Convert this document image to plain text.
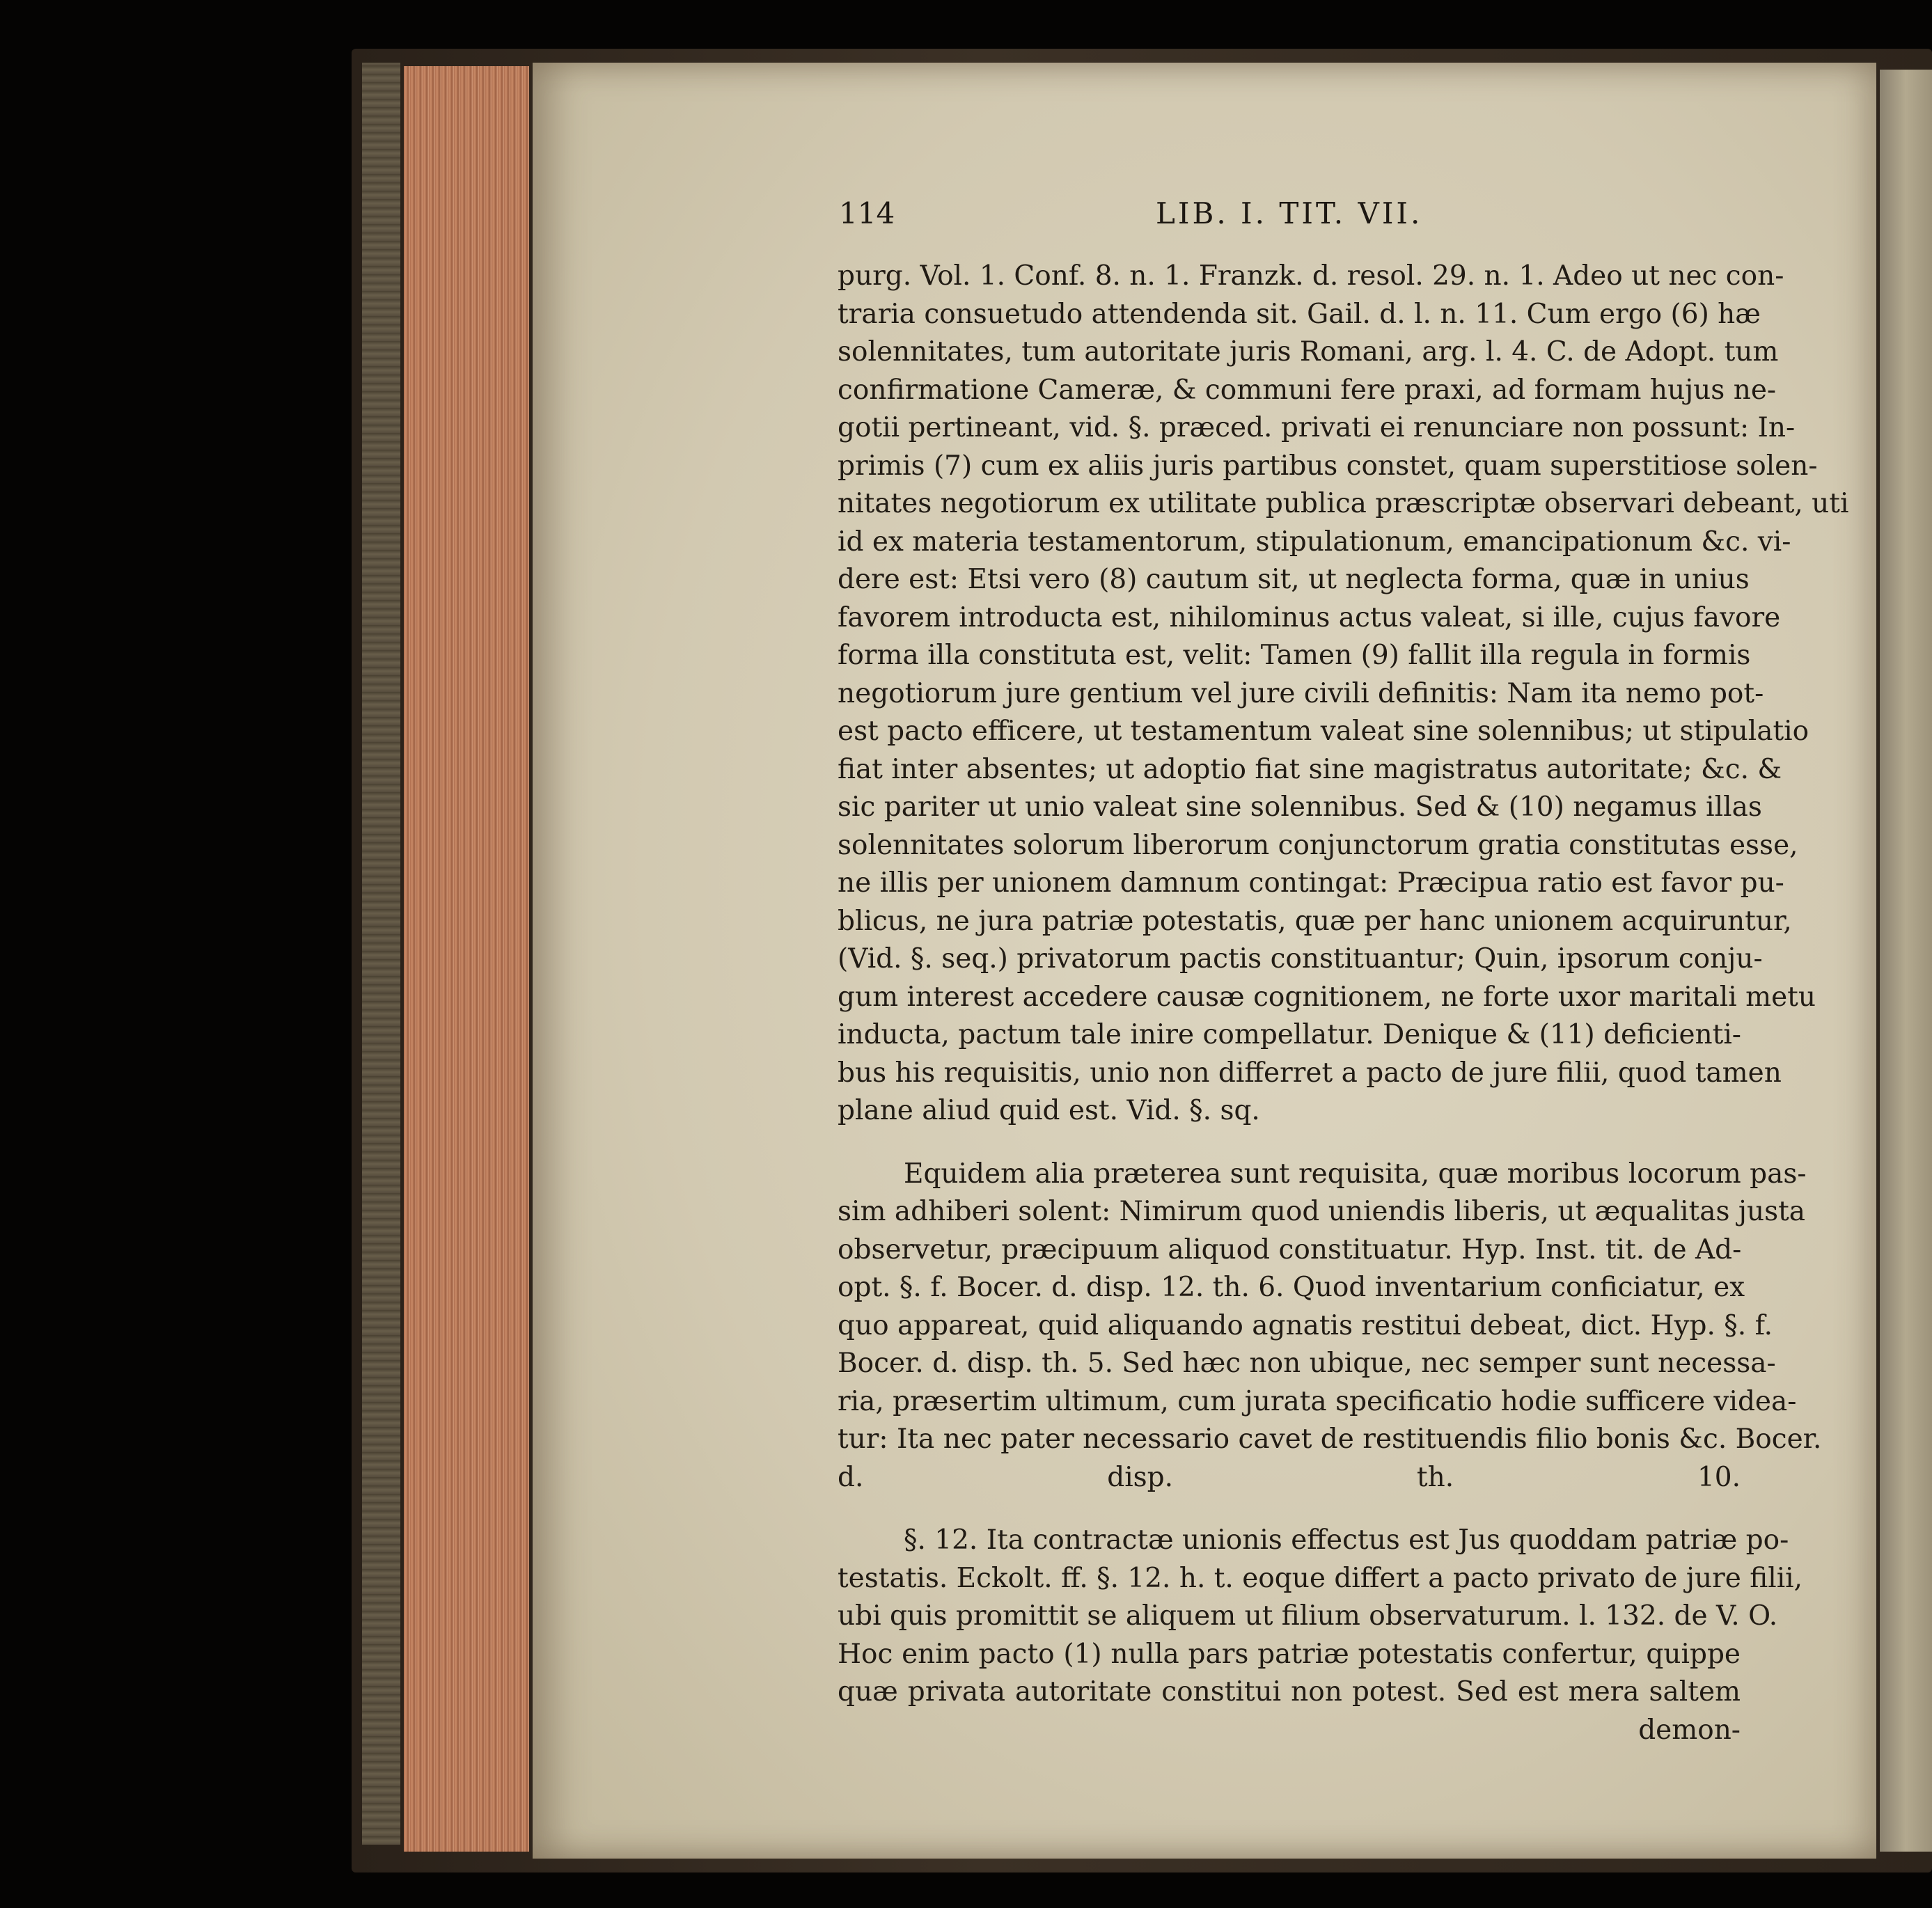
114	LIB. I. TIT. VII.
purg. Vol. 1. Conf. 8. n. 1. Franzk. d. resol. 29. n. 1. Adeo ut nec con-
traria consuetudo attendenda sit. Gail. d. l. n. 11. Cum ergo (6) hæ
solennitates, tum autoritate juris Romani, arg. l. 4. C. de Adopt. tum
confirmatione Cameræ, & communi fere praxi, ad formam hujus ne-
gotii pertineant, vid. §. præced. privati ei renunciare non possunt: In-
primis (7) cum ex aliis juris partibus constet, quam superstitiose solen-
nitates negotiorum ex utilitate publica præscriptæ observari debeant, uti
id ex materia testamentorum, stipulationum, emancipationum &c. vi-
dere est: Etsi vero (8) cautum sit, ut neglecta forma, quæ in unius
favorem introducta est, nihilominus actus valeat, si ille, cujus favore
forma illa constituta est, velit: Tamen (9) fallit illa regula in formis
negotiorum jure gentium vel jure civili definitis: Nam ita nemo pot-
est pacto efficere, ut testamentum valeat sine solennibus; ut stipulatio
fiat inter absentes; ut adoptio fiat sine magistratus autoritate; &c. &
sic pariter ut unio valeat sine solennibus. Sed & (10) negamus illas
solennitates solorum liberorum conjunctorum gratia constitutas esse,
ne illis per unionem damnum contingat: Præcipua ratio est favor pu-
blicus, ne jura patriæ potestatis, quæ per hanc unionem acquiruntur,
(Vid. §. seq.) privatorum pactis constituantur; Quin, ipsorum conju-
gum interest accedere causæ cognitionem, ne forte uxor maritali metu
inducta, pactum tale inire compellatur. Denique & (11) deficienti-
bus his requisitis, unio non differret a pacto de jure filii, quod tamen
plane aliud quid est. Vid. §. sq.
Equidem alia præterea sunt requisita, quæ moribus locorum pas-
sim adhiberi solent: Nimirum quod uniendis liberis, ut æqualitas justa
observetur, præcipuum aliquod constituatur. Hyp. Inst. tit. de Ad-
opt. §. f. Bocer. d. disp. 12. th. 6. Quod inventarium conficiatur, ex
quo appareat, quid aliquando agnatis restitui debeat, dict. Hyp. §. f.
Bocer. d. disp. th. 5. Sed hæc non ubique, nec semper sunt necessa-
ria, præsertim ultimum, cum jurata specificatio hodie sufficere videa-
tur: Ita nec pater necessario cavet de restituendis filio bonis &c. Bocer.
d. disp. th. 10.
§. 12. Ita contractæ unionis effectus est Jus quoddam patriæ po-
testatis. Eckolt. ff. §. 12. h. t. eoque differt a pacto privato de jure filii,
ubi quis promittit se aliquem ut filium observaturum. l. 132. de V. O.
Hoc enim pacto (1) nulla pars patriæ potestatis confertur, quippe
quæ privata autoritate constitui non potest. Sed est mera saltem
demon-
